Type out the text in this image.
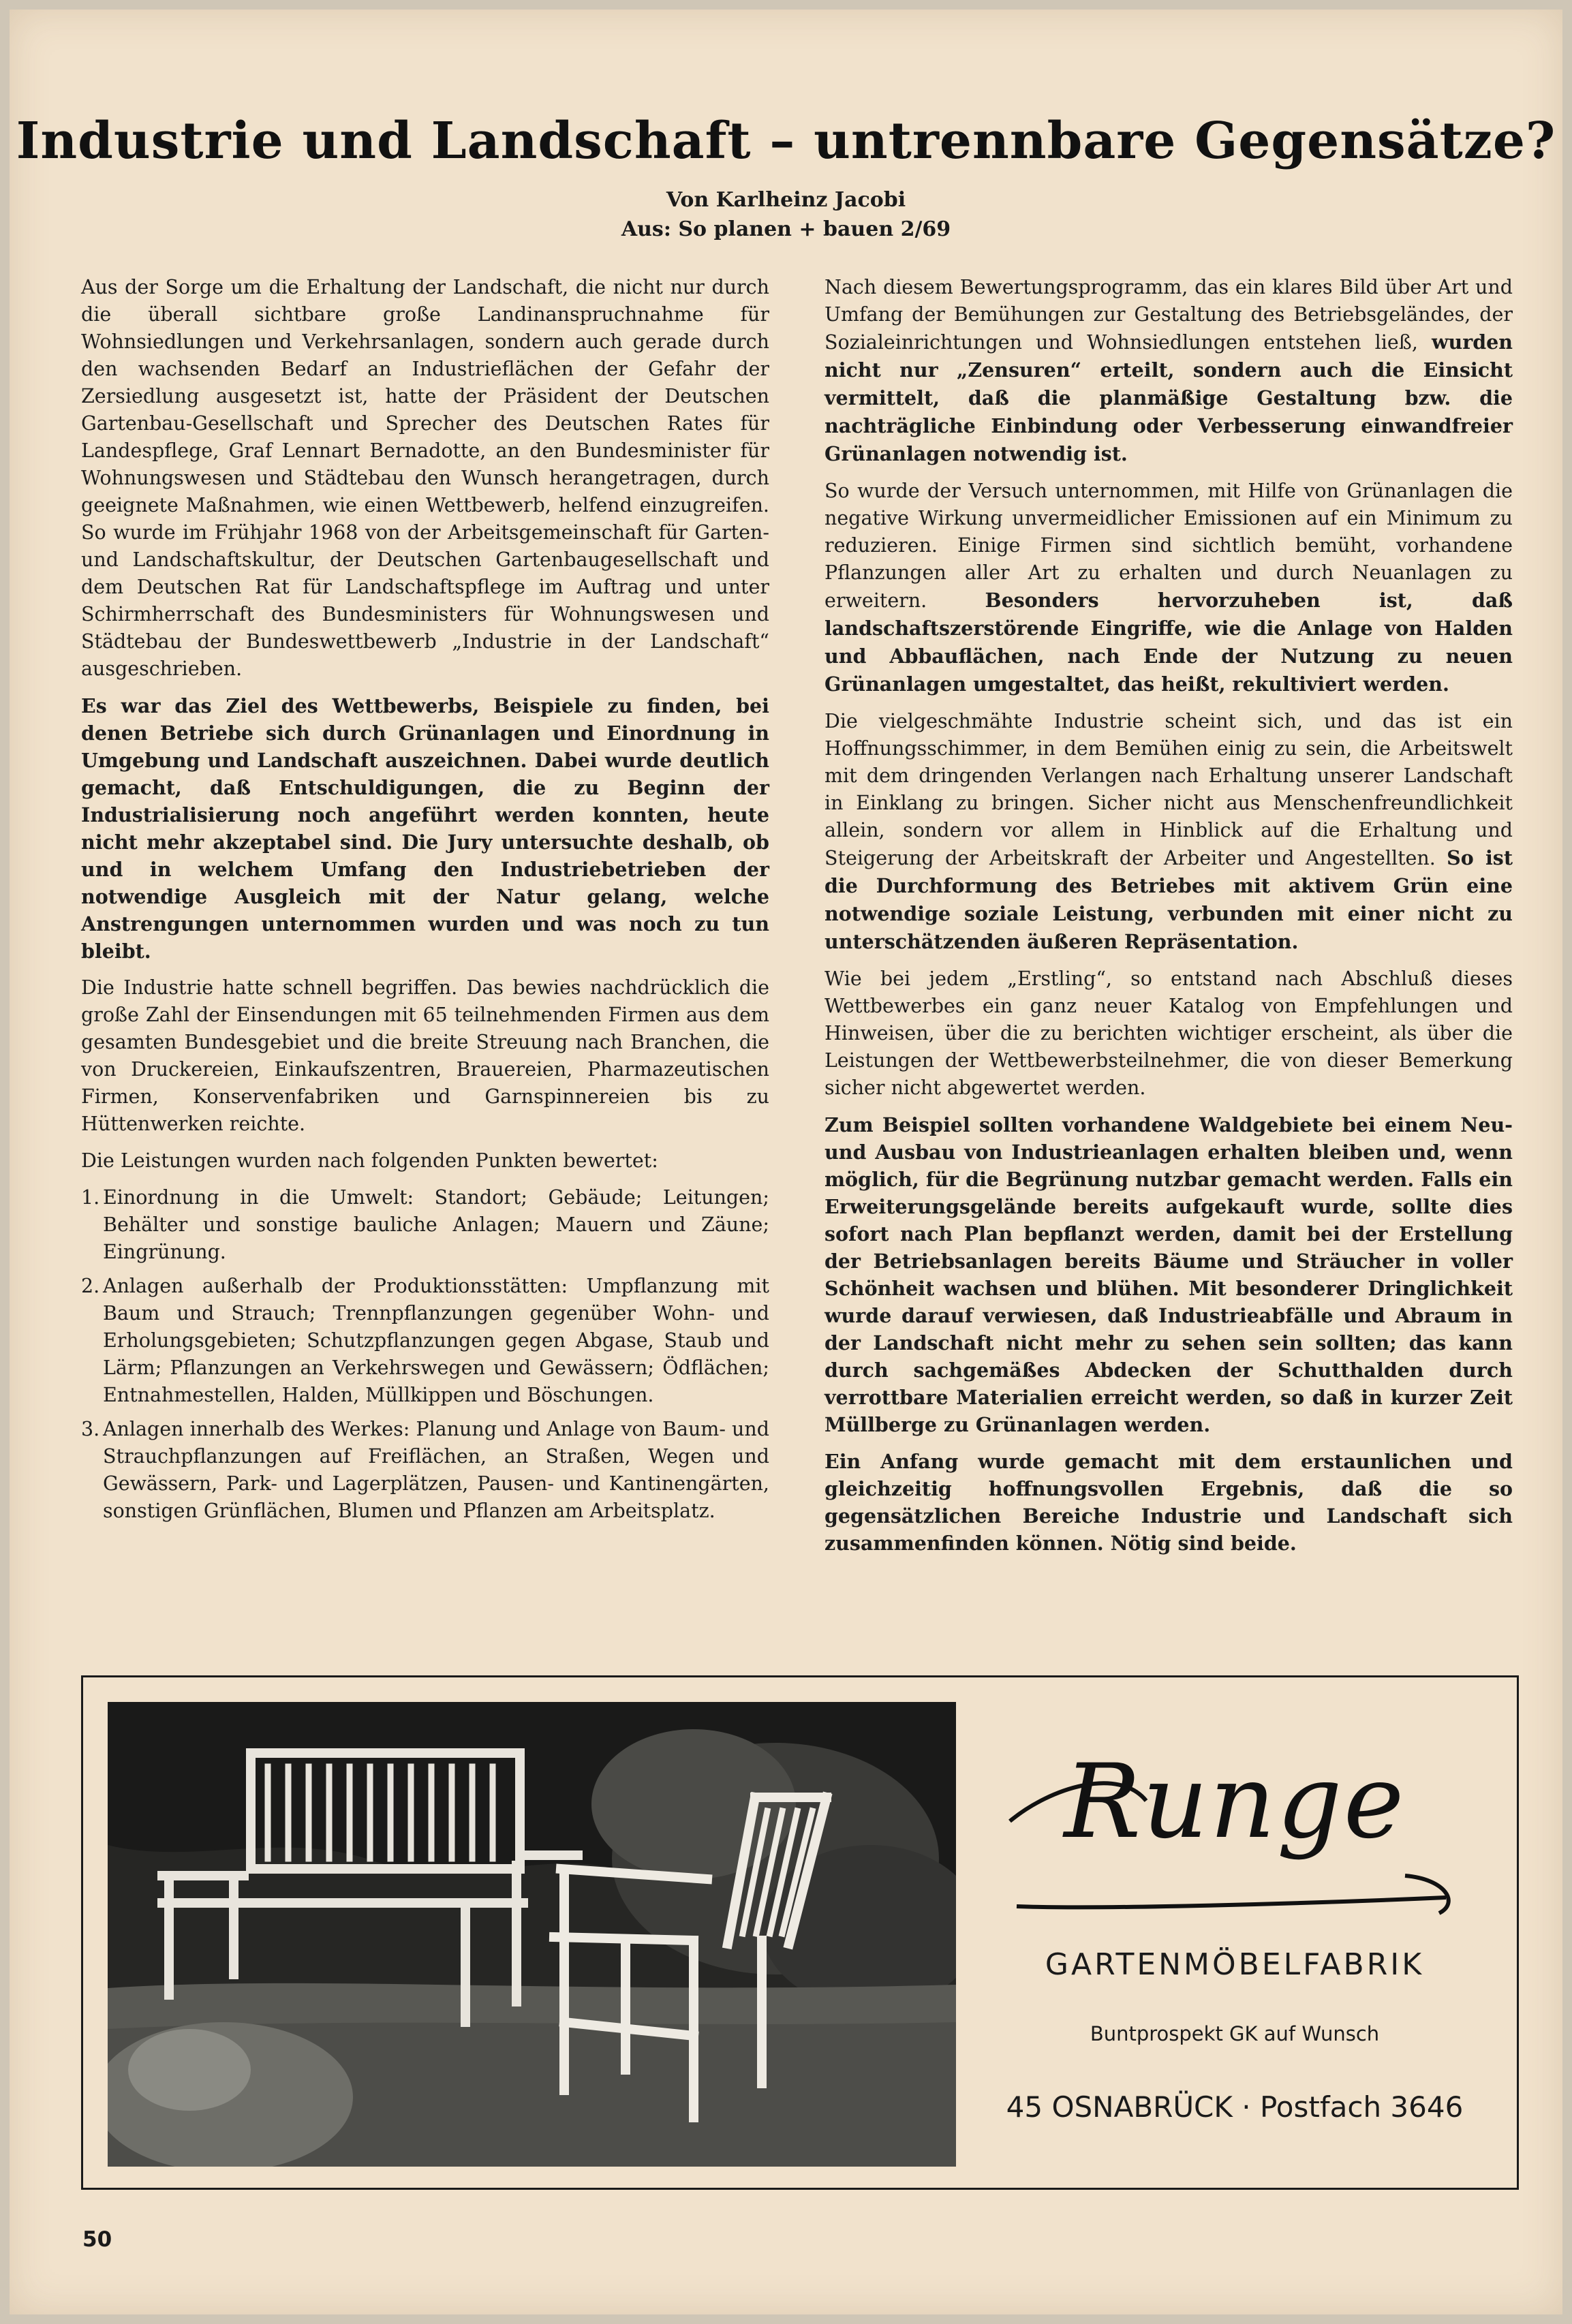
Industrie und Landschaft – untrennbare Gegensätze?
Von Karlheinz Jacobi
Aus: So planen + bauen 2/69

Aus der Sorge um die Erhaltung der Landschaft, die nicht nur durch die überall sichtbare große Landinanspruchnahme für Wohnsiedlungen und Verkehrsanlagen, sondern auch gerade durch den wachsenden Bedarf an Industrieflächen der Gefahr der Zersiedlung ausgesetzt ist, hatte der Präsident der Deutschen Gartenbau-Gesellschaft und Sprecher des Deutschen Rates für Landespflege, Graf Lennart Bernadotte, an den Bundesminister für Wohnungswesen und Städtebau den Wunsch herangetragen, durch geeignete Maßnahmen, wie einen Wettbewerb, helfend einzugreifen. So wurde im Frühjahr 1968 von der Arbeitsgemeinschaft für Garten- und Landschaftskultur, der Deutschen Gartenbaugesellschaft und dem Deutschen Rat für Landschaftspflege im Auftrag und unter Schirmherrschaft des Bundesministers für Wohnungswesen und Städtebau der Bundeswettbewerb „Industrie in der Landschaft“ ausgeschrieben.

Es war das Ziel des Wettbewerbs, Beispiele zu finden, bei denen Betriebe sich durch Grünanlagen und Einordnung in Umgebung und Landschaft auszeichnen. Dabei wurde deutlich gemacht, daß Entschuldigungen, die zu Beginn der Industrialisierung noch angeführt werden konnten, heute nicht mehr akzeptabel sind. Die Jury untersuchte deshalb, ob und in welchem Umfang den Industriebetrieben der notwendige Ausgleich mit der Natur gelang, welche Anstrengungen unternommen wurden und was noch zu tun bleibt.

Die Industrie hatte schnell begriffen. Das bewies nachdrücklich die große Zahl der Einsendungen mit 65 teilnehmenden Firmen aus dem gesamten Bundesgebiet und die breite Streuung nach Branchen, die von Druckereien, Einkaufszentren, Brauereien, Pharmazeutischen Firmen, Konservenfabriken und Garnspinnereien bis zu Hüttenwerken reichte.

Die Leistungen wurden nach folgenden Punkten bewertet:

1. Einordnung in die Umwelt: Standort; Gebäude; Leitungen; Behälter und sonstige bauliche Anlagen; Mauern und Zäune; Eingrünung.
2. Anlagen außerhalb der Produktionsstätten: Umpflanzung mit Baum und Strauch; Trennpflanzungen gegenüber Wohn- und Erholungsgebieten; Schutzpflanzungen gegen Abgase, Staub und Lärm; Pflanzungen an Verkehrswegen und Gewässern; Ödflächen; Entnahmestellen, Halden, Müllkippen und Böschungen.
3. Anlagen innerhalb des Werkes: Planung und Anlage von Baum- und Strauchpflanzungen auf Freiflächen, an Straßen, Wegen und Gewässern, Park- und Lagerplätzen, Pausen- und Kantinengärten, sonstigen Grünflächen, Blumen und Pflanzen am Arbeitsplatz.

Nach diesem Bewertungsprogramm, das ein klares Bild über Art und Umfang der Bemühungen zur Gestaltung des Betriebsgeländes, der Sozialeinrichtungen und Wohnsiedlungen entstehen ließ, wurden nicht nur „Zensuren“ erteilt, sondern auch die Einsicht vermittelt, daß die planmäßige Gestaltung bzw. die nachträgliche Einbindung oder Verbesserung einwandfreier Grünanlagen notwendig ist.

So wurde der Versuch unternommen, mit Hilfe von Grünanlagen die negative Wirkung unvermeidlicher Emissionen auf ein Minimum zu reduzieren. Einige Firmen sind sichtlich bemüht, vorhandene Pflanzungen aller Art zu erhalten und durch Neuanlagen zu erweitern.	Besonders hervorzuheben ist, daß landschaftszerstörende Eingriffe, wie die Anlage von Halden und Abbauflächen, nach Ende der Nutzung zu neuen Grünanlagen umgestaltet, das heißt, rekultiviert werden.

Die vielgeschmähte Industrie scheint sich, und das ist ein Hoffnungsschimmer, in dem Bemühen einig zu sein, die Arbeitswelt mit dem dringenden Verlangen nach Erhaltung unserer Landschaft in Einklang zu bringen. Sicher nicht aus Menschenfreundlichkeit allein, sondern vor allem in Hinblick auf die Erhaltung und Steigerung der Arbeitskraft der Arbeiter und Angestellten. So ist die Durchformung des Betriebes mit aktivem Grün eine notwendige soziale Leistung, verbunden mit einer nicht zu unterschätzenden äußeren Repräsentation.

Wie bei jedem „Erstling“, so entstand nach Abschluß dieses Wettbewerbes ein ganz neuer Katalog von Empfehlungen und Hinweisen, über die zu berichten wichtiger erscheint, als über die Leistungen der Wettbewerbsteilnehmer, die von dieser Bemerkung sicher nicht abgewertet werden.

Zum Beispiel sollten vorhandene Waldgebiete bei einem Neu- und Ausbau von Industrieanlagen erhalten bleiben und, wenn möglich, für die Begrünung nutzbar gemacht werden. Falls ein Erweiterungsgelände bereits aufgekauft wurde, sollte dies sofort nach Plan bepflanzt werden, damit bei der Erstellung der Betriebsanlagen bereits Bäume und Sträucher in voller Schönheit wachsen und blühen. Mit besonderer Dringlichkeit wurde darauf verwiesen, daß Industrieabfälle und Abraum in der Landschaft nicht mehr zu sehen sein sollten; das kann durch sachgemäßes Abdecken der Schutthalden durch verrottbare Materialien erreicht werden, so daß in kurzer Zeit Müllberge zu Grünanlagen werden.

Ein Anfang wurde gemacht mit dem erstaunlichen und gleichzeitig hoffnungsvollen Ergebnis, daß die so gegensätzlichen Bereiche Industrie und Landschaft sich zusammenfinden können. Nötig sind beide.

Runge
GARTENMÖBELFABRIK
Buntprospekt GK auf Wunsch
45 OSNABRÜCK · Postfach 3646
50
